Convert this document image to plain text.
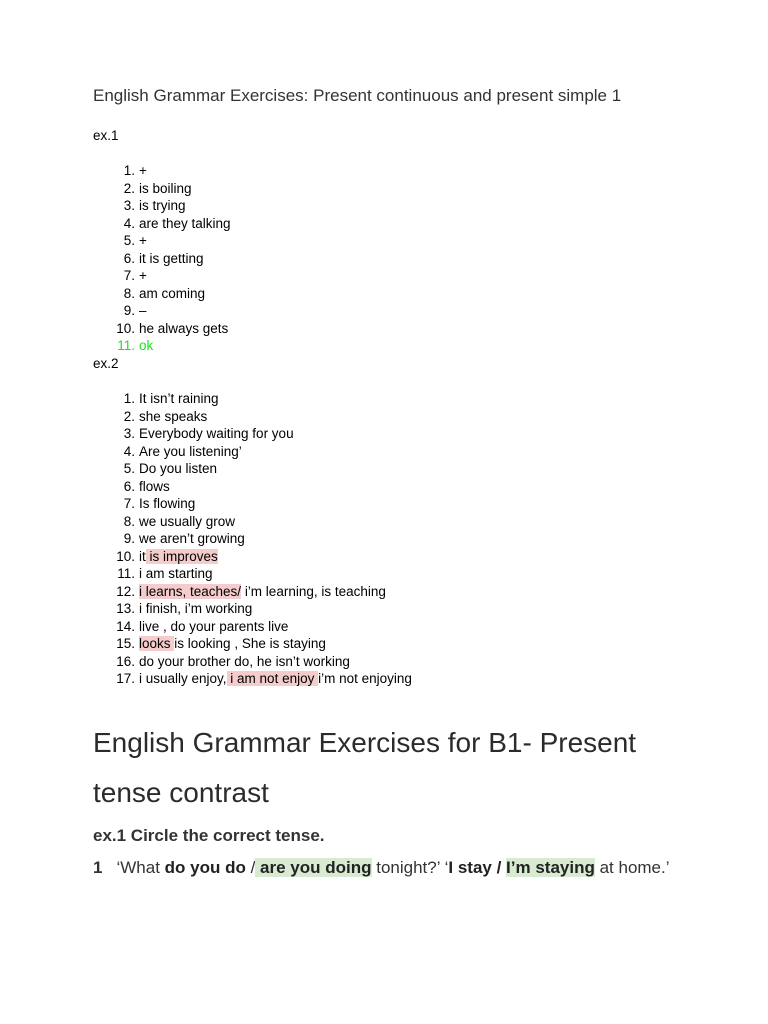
English Grammar Exercises: Present continuous and present simple 1
ex.1
1. +
2. is boiling
3. is trying
4. are they talking
5. +
6. it is getting
7. +
8. am coming
9. –
10. he always gets
11. ok
ex.2
1. It isn’t raining
2. she speaks
3. Everybody waiting for you
4. Are you listening’
5. Do you listen
6. flows
7. Is flowing
8. we usually grow
9. we aren’t growing
10. it is improves
11. i am starting
12. i learns, teaches/ i’m learning, is teaching
13. i finish, i’m working
14. live , do your parents live
15. looks is looking , She is staying
16. do your brother do, he isn’t working
17. i usually enjoy, i am not enjoy i’m not enjoying
English Grammar Exercises for B1- Present tense contrast
ex.1 Circle the correct tense.
1 ‘What do you do / are you doing tonight?’ ‘I stay / I’m staying at home.’
